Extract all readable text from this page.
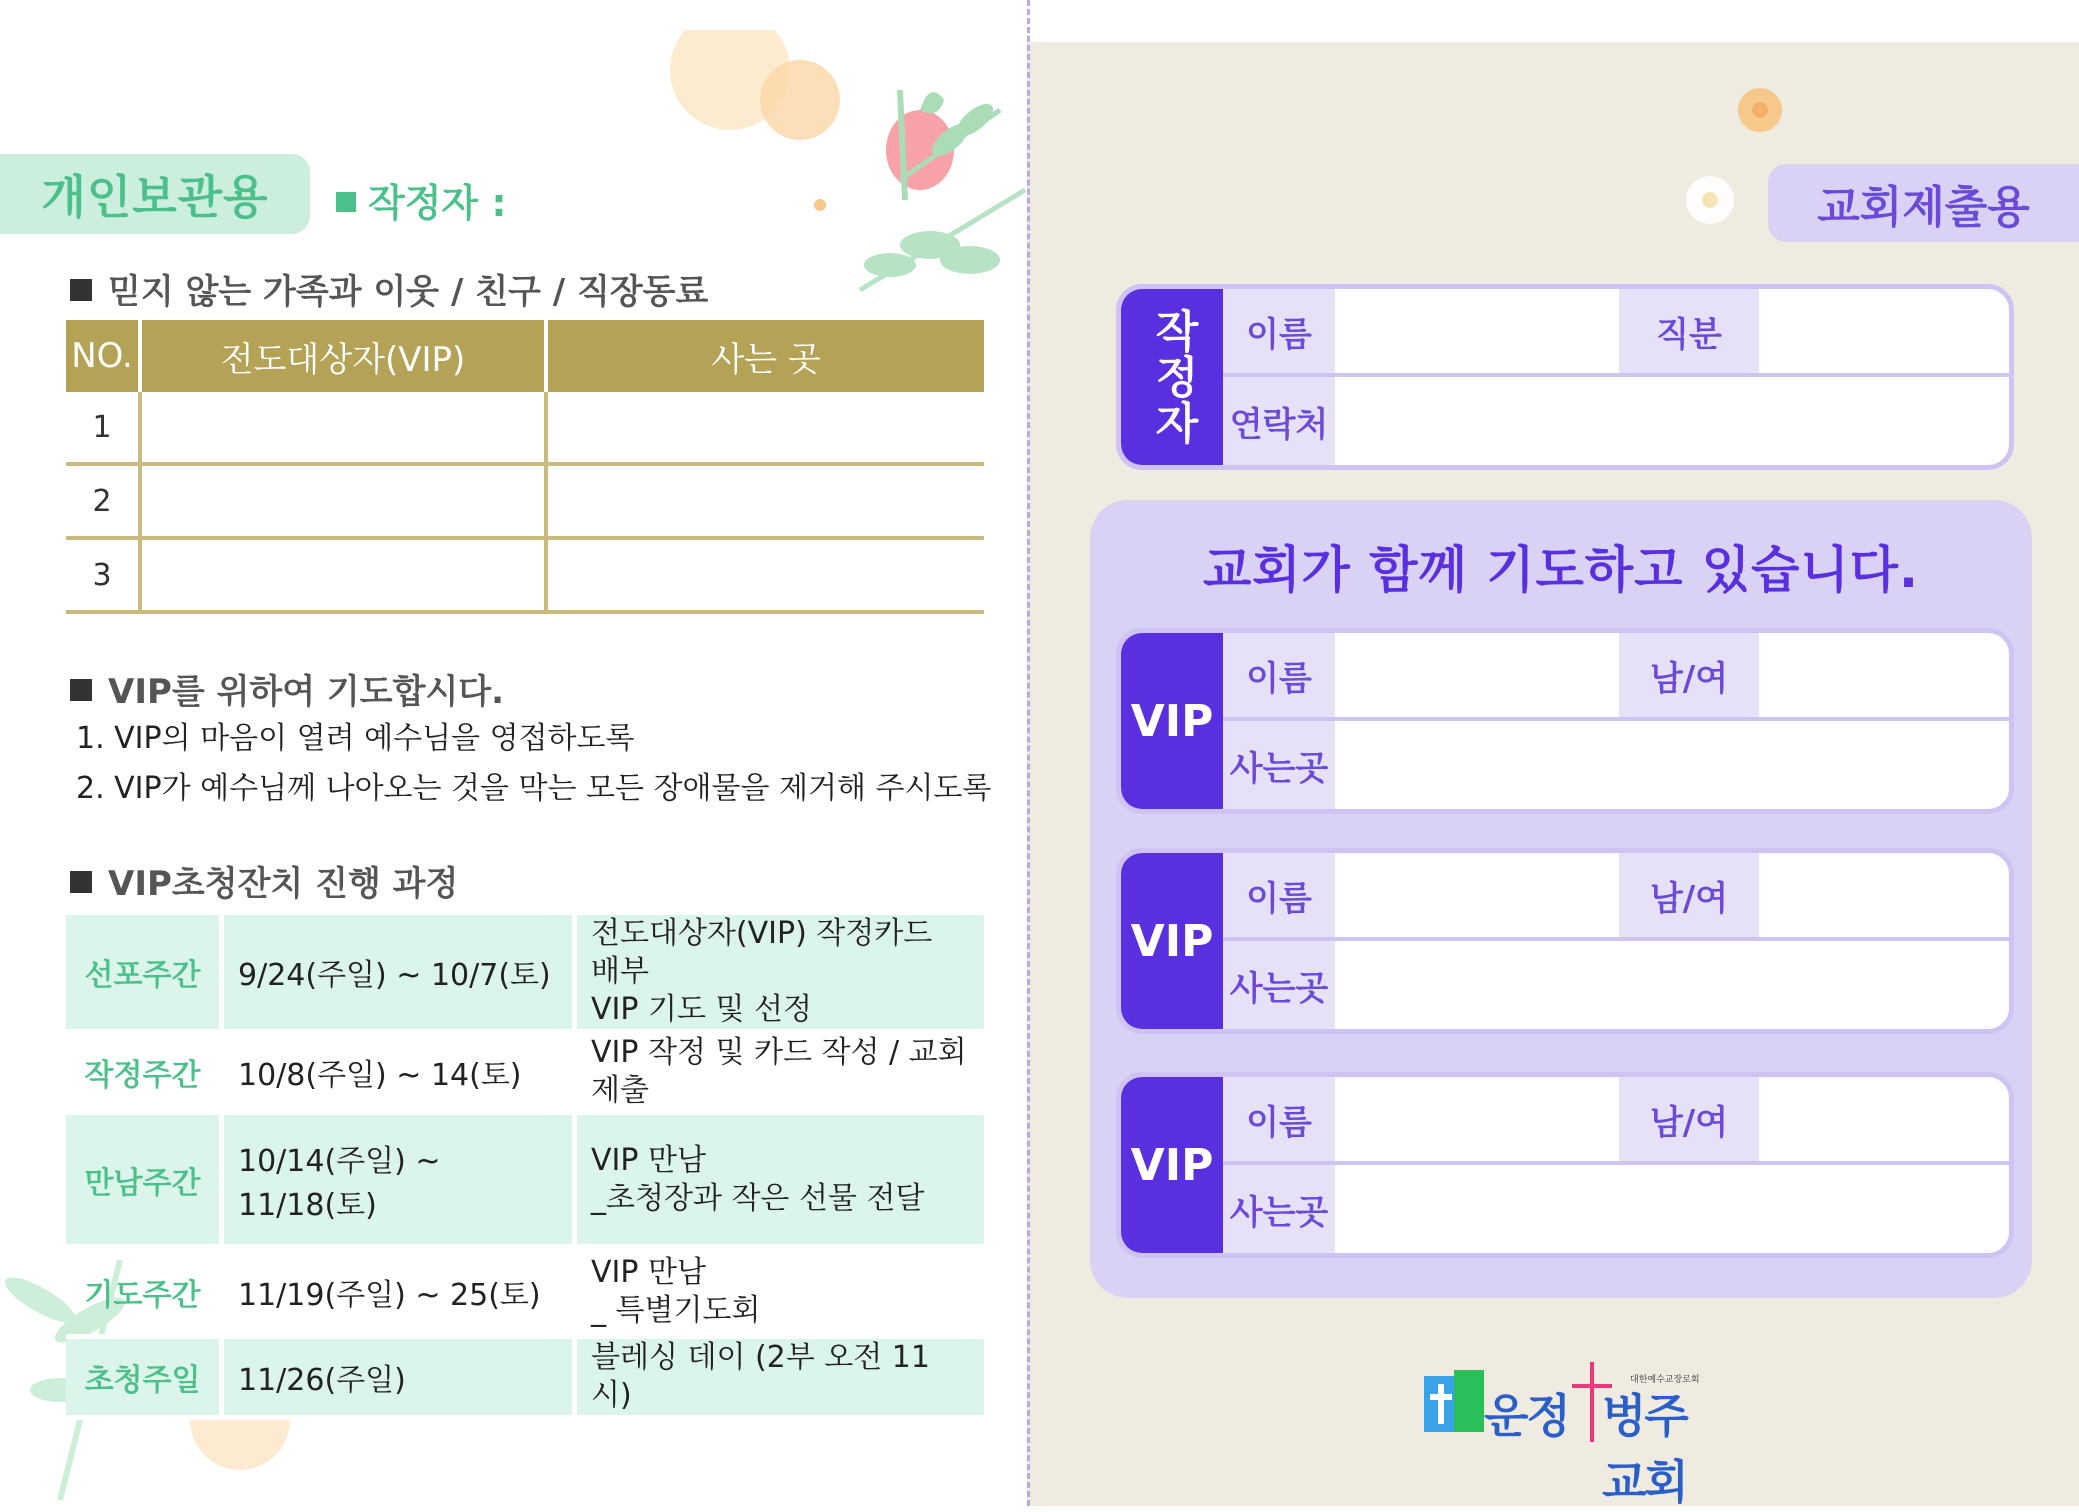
개인보관용	작정자 :
믿지 않는 가족과 이웃 / 친구 / 직장동료
NO.	전도대상자(VIP)	사는 곳
1		
2		
3		
VIP를 위하여 기도합시다.
1. VIP의 마음이 열려 예수님을 영접하도록
2. VIP가 예수님께 나아오는 것을 막는 모든 장애물을 제거해 주시도록
VIP초청잔치 진행 과정
선포주간	9/24(주일) ~ 10/7(토)	전도대상자(VIP) 작정카드 배부
VIP 기도 및 선정

작정주간	10/8(주일) ~ 14(토)	VIP 작정 및 카드 작성 / 교회제출

만남주간	10/14(주일) ~ 11/18(토)	VIP 만남
_초청장과 작은 선물 전달

기도주간	11/19(주일) ~ 25(토)	VIP 만남
_ 특별기도회

초청주일	11/26(주일)	블레싱 데이 (2부 오전 11시)
교회제출용
작정자	이름	직분
연락처
교회가 함께 기도하고 있습니다.
VIP
이름	남/여
사는곳
VIP
이름	남/여
사는곳
VIP
이름	남/여
사는곳
운정 벙주교회
대한예수교장로회
